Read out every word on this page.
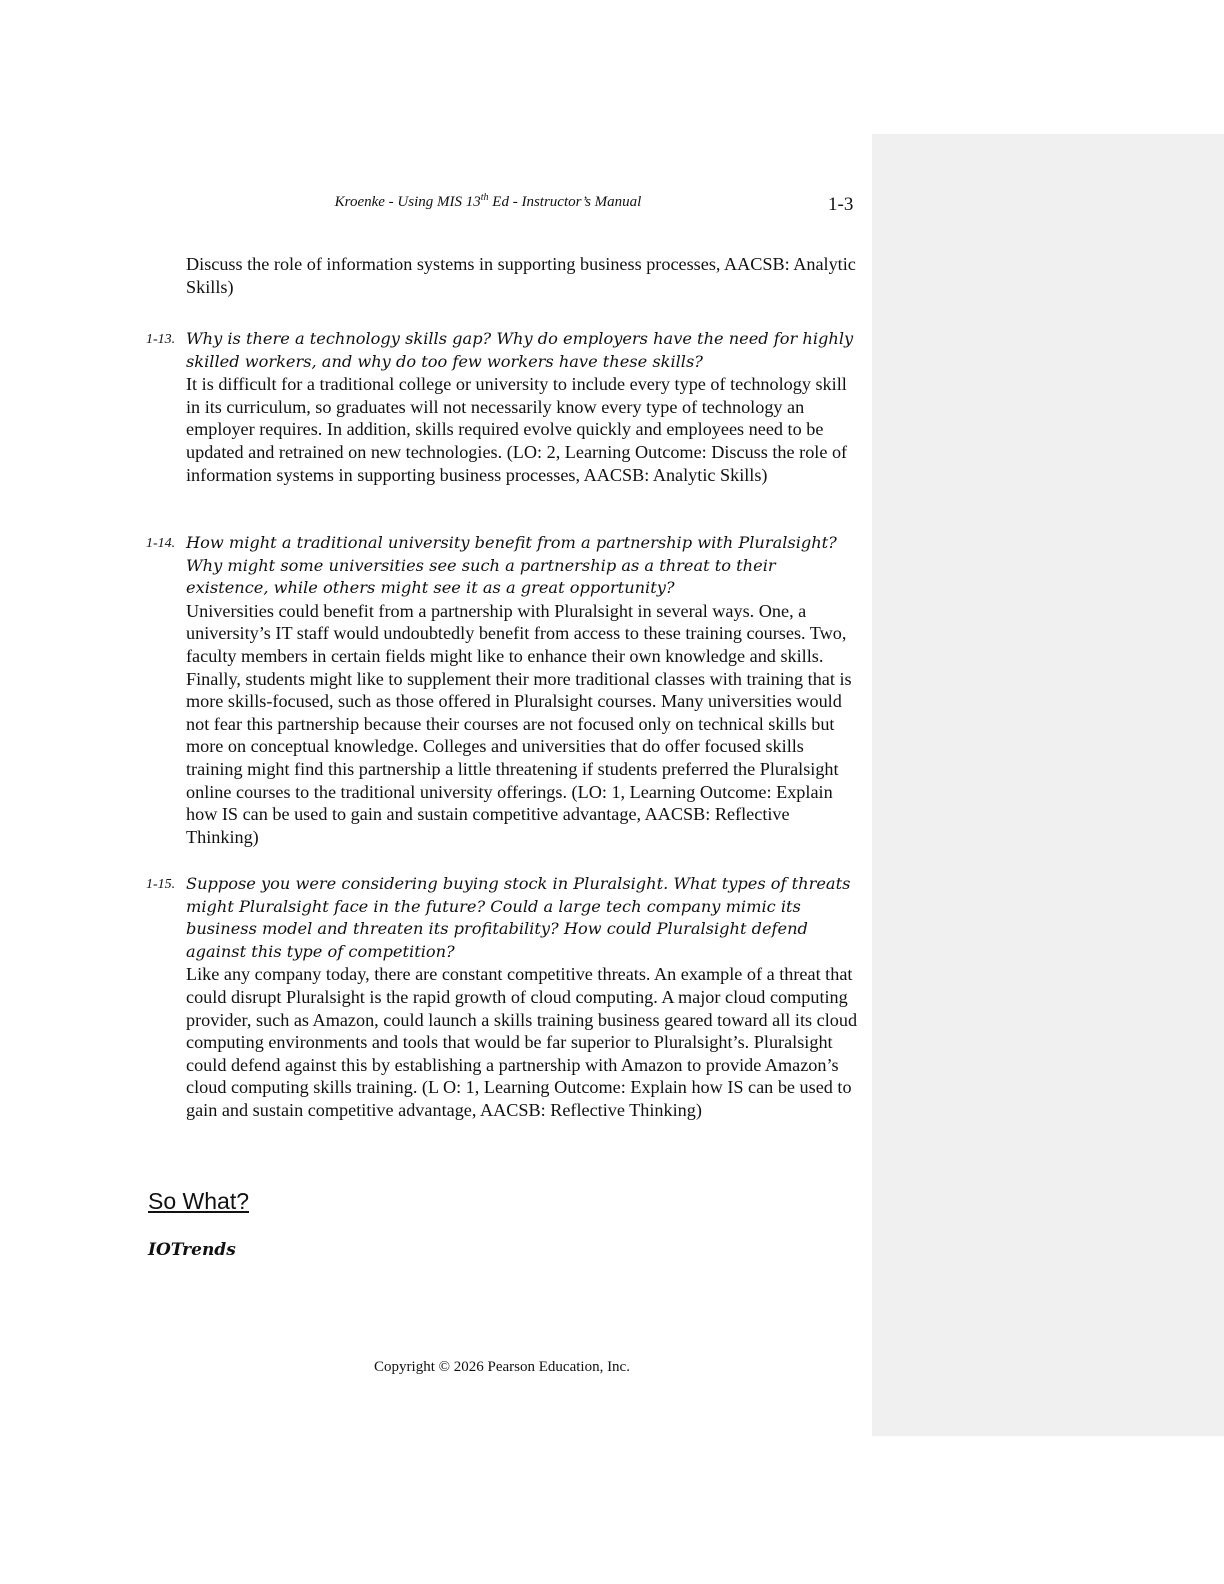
Kroenke - Using MIS 13th Ed - Instructor’s Manual	1-3
Discuss the role of information systems in supporting business processes, AACSB: Analytic Skills)
1-13. Why is there a technology skills gap? Why do employers have the need for highly skilled workers, and why do too few workers have these skills?
It is difficult for a traditional college or university to include every type of technology skill in its curriculum, so graduates will not necessarily know every type of technology an employer requires. In addition, skills required evolve quickly and employees need to be updated and retrained on new technologies. (LO: 2, Learning Outcome: Discuss the role of information systems in supporting business processes, AACSB: Analytic Skills)
1-14. How might a traditional university benefit from a partnership with Pluralsight? Why might some universities see such a partnership as a threat to their existence, while others might see it as a great opportunity?
Universities could benefit from a partnership with Pluralsight in several ways. One, a university’s IT staff would undoubtedly benefit from access to these training courses. Two, faculty members in certain fields might like to enhance their own knowledge and skills. Finally, students might like to supplement their more traditional classes with training that is more skills-focused, such as those offered in Pluralsight courses. Many universities would not fear this partnership because their courses are not focused only on technical skills but more on conceptual knowledge. Colleges and universities that do offer focused skills training might find this partnership a little threatening if students preferred the Pluralsight online courses to the traditional university offerings. (LO: 1, Learning Outcome: Explain how IS can be used to gain and sustain competitive advantage, AACSB: Reflective Thinking)
1-15. Suppose you were considering buying stock in Pluralsight. What types of threats might Pluralsight face in the future? Could a large tech company mimic its business model and threaten its profitability? How could Pluralsight defend against this type of competition?
Like any company today, there are constant competitive threats. An example of a threat that could disrupt Pluralsight is the rapid growth of cloud computing. A major cloud computing provider, such as Amazon, could launch a skills training business geared toward all its cloud computing environments and tools that would be far superior to Pluralsight’s. Pluralsight could defend against this by establishing a partnership with Amazon to provide Amazon’s cloud computing skills training. (L O: 1, Learning Outcome: Explain how IS can be used to gain and sustain competitive advantage, AACSB: Reflective Thinking)
So What?
IOTrends
Copyright © 2026 Pearson Education, Inc.
